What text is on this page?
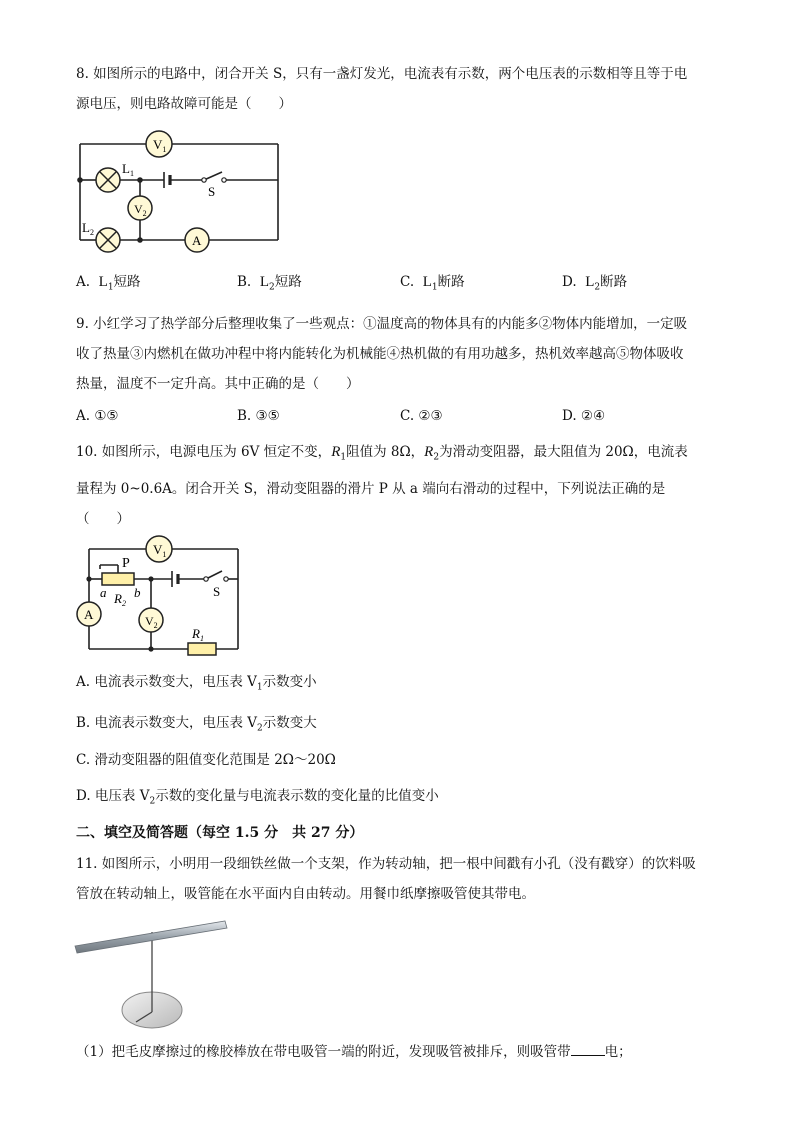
8. 如图所示的电路中，闭合开关 S，只有一盏灯发光，电流表有示数，两个电压表的示数相等且等于电
源电压，则电路故障可能是（　　）
$V_1$
$V_2$
A
$L_1$
$L_2$
S
A. $L_1$短路	B. $L_2$短路	C. $L_1$断路	D. $L_2$断路
9. 小红学习了热学部分后整理收集了一些观点：①温度高的物体具有的内能多②物体内能增加，一定吸
收了热量③内燃机在做功冲程中将内能转化为机械能④热机做的有用功越多，热机效率越高⑤物体吸收
热量，温度不一定升高。其中正确的是（　　）
A. ①⑤	B. ③⑤	C. ②③	D. ②④
10. 如图所示，电源电压为 6V 恒定不变，$R_1$阻值为 8Ω，$R_2$为滑动变阻器，最大阻值为 20Ω，电流表
量程为 0~0.6A。闭合开关 S，滑动变阻器的滑片 P 从 a 端向右滑动的过程中，下列说法正确的是
（　　）
$V_1$
$V_2$
A
P
a b
$R_2$
$R_1$
S
A. 电流表示数变大，电压表 $V_1$示数变小
B. 电流表示数变大，电压表 $V_2$示数变大
C. 滑动变阻器的阻值变化范围是 2Ω～20Ω
D. 电压表 $V_2$示数的变化量与电流表示数的变化量的比值变小
二、填空及简答题（每空 1.5 分　共 27 分）
11. 如图所示，小明用一段细铁丝做一个支架，作为转动轴，把一根中间戳有小孔（没有戳穿）的饮料吸
管放在转动轴上，吸管能在水平面内自由转动。用餐巾纸摩擦吸管使其带电。
（1）把毛皮摩擦过的橡胶棒放在带电吸管一端的附近，发现吸管被排斥，则吸管带	电；
